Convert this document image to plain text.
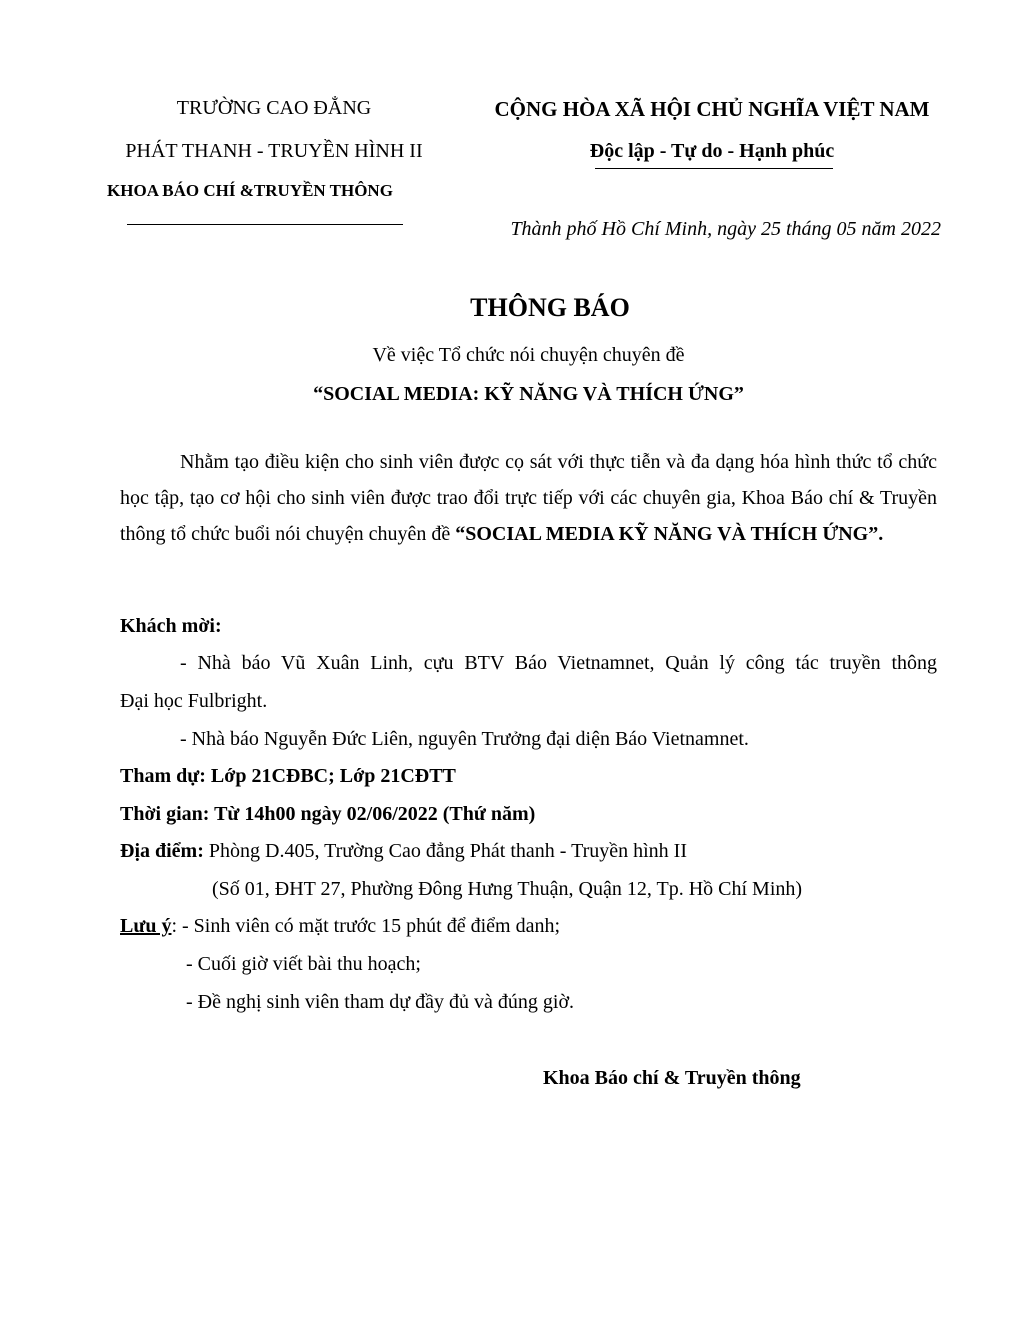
TRƯỜNG CAO ĐẲNG
PHÁT THANH - TRUYỀN HÌNH II
KHOA BÁO CHÍ &TRUYỀN THÔNG
CỘNG HÒA XÃ HỘI CHỦ NGHĨA VIỆT NAM
Độc lập - Tự do - Hạnh phúc
Thành phố Hồ Chí Minh, ngày 25 tháng 05 năm 2022
THÔNG BÁO
Về việc Tổ chức nói chuyện chuyên đề
“SOCIAL MEDIA: KỸ NĂNG VÀ THÍCH ỨNG”
Nhằm tạo điều kiện cho sinh viên được cọ sát với thực tiễn và đa dạng hóa hình thức tổ chức học tập, tạo cơ hội cho sinh viên được trao đổi trực tiếp với các chuyên gia, Khoa Báo chí & Truyền thông tổ chức buổi nói chuyện chuyên đề “SOCIAL MEDIA KỸ NĂNG VÀ THÍCH ỨNG”.
Khách mời:
- Nhà báo Vũ Xuân Linh, cựu BTV Báo Vietnamnet, Quản lý công tác truyền thông
Đại học Fulbright.
- Nhà báo Nguyễn Đức Liên, nguyên Trưởng đại diện Báo Vietnamnet.
Tham dự: Lớp 21CĐBC; Lớp 21CĐTT
Thời gian: Từ 14h00 ngày 02/06/2022 (Thứ năm)
Địa điểm: Phòng D.405, Trường Cao đẳng Phát thanh - Truyền hình II
(Số 01, ĐHT 27, Phường Đông Hưng Thuận, Quận 12, Tp. Hồ Chí Minh)
Lưu ý: - Sinh viên có mặt trước 15 phút để điểm danh;
- Cuối giờ viết bài thu hoạch;
- Đề nghị sinh viên tham dự đầy đủ và đúng giờ.
Khoa Báo chí & Truyền thông
